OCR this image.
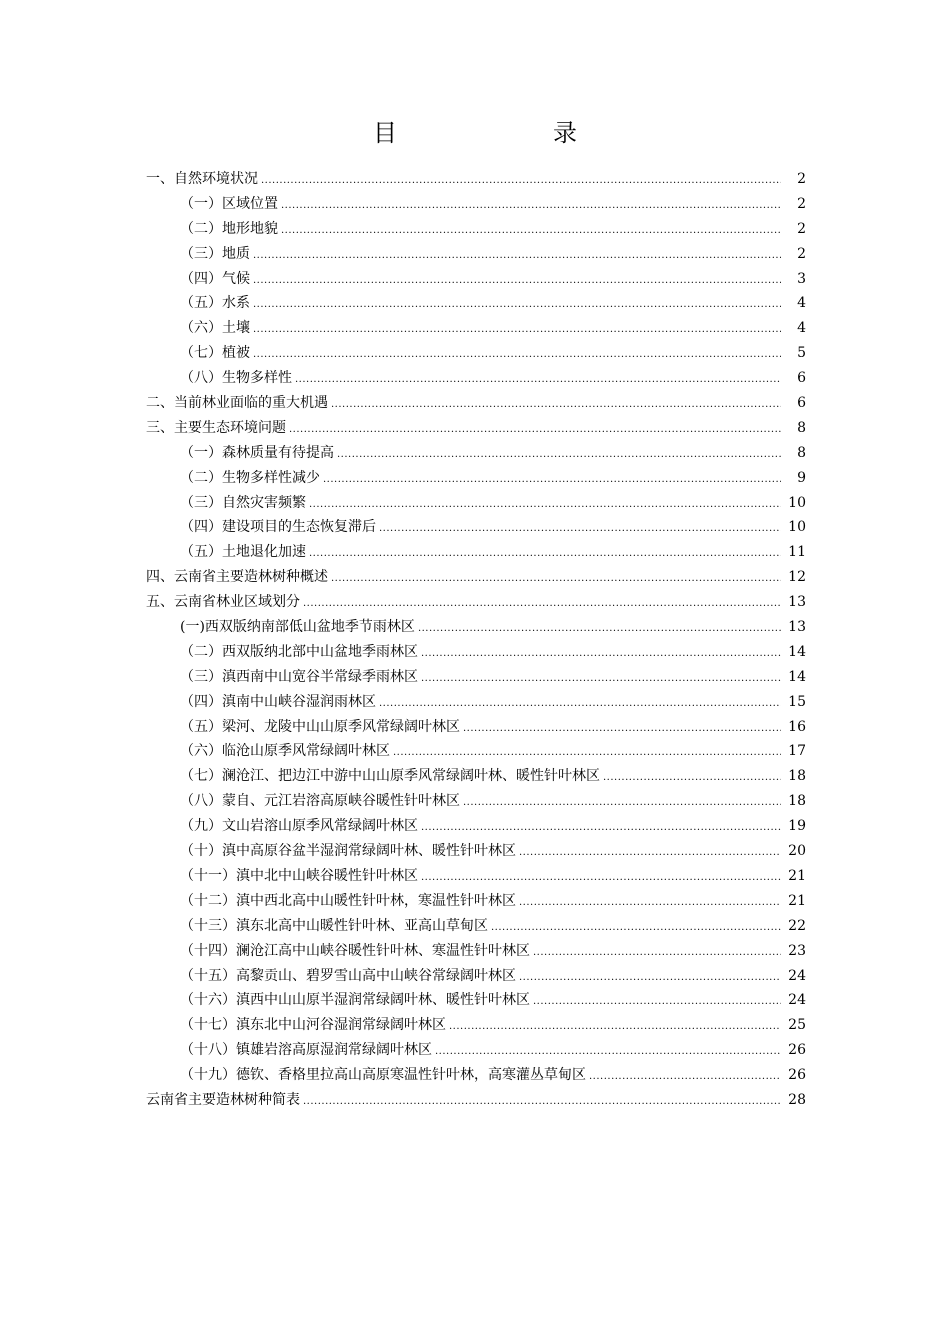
目　　录
一、自然环境状况 .....	2
（一）区域位置 .....	2
（二）地形地貌 .....	2
（三）地质 .....	2
（四）气候 .....	3
（五）水系 .....	4
（六）土壤 .....	4
（七）植被 .....	5
（八）生物多样性 .....	6
二、当前林业面临的重大机遇 .....	6
三、主要生态环境问题 .....	8
（一）森林质量有待提高 .....	8
（二）生物多样性减少 .....	9
（三）自然灾害频繁 .....	10
（四）建设项目的生态恢复滞后 .....	10
（五）土地退化加速 .....	11
四、云南省主要造林树种概述 .....	12
五、云南省林业区域划分 .....	13
(一)西双版纳南部低山盆地季节雨林区 .....	13
（二）西双版纳北部中山盆地季雨林区 .....	14
（三）滇西南中山宽谷半常绿季雨林区 .....	14
（四）滇南中山峡谷湿润雨林区 .....	15
（五）梁河、龙陵中山山原季风常绿阔叶林区 .....	16
（六）临沧山原季风常绿阔叶林区 .....	17
（七）澜沧江、把边江中游中山山原季风常绿阔叶林、暖性针叶林区 .....	18
（八）蒙自、元江岩溶高原峡谷暖性针叶林区 .....	18
（九）文山岩溶山原季风常绿阔叶林区 .....	19
（十）滇中高原谷盆半湿润常绿阔叶林、暖性针叶林区 .....	20
（十一）滇中北中山峡谷暖性针叶林区 .....	21
（十二）滇中西北高中山暖性针叶林，寒温性针叶林区 .....	21
（十三）滇东北高中山暖性针叶林、亚高山草甸区 .....	22
（十四）澜沧江高中山峡谷暖性针叶林、寒温性针叶林区 .....	23
（十五）高黎贡山、碧罗雪山高中山峡谷常绿阔叶林区 .....	24
（十六）滇西中山山原半湿润常绿阔叶林、暖性针叶林区 .....	24
（十七）滇东北中山河谷湿润常绿阔叶林区 .....	25
（十八）镇雄岩溶高原湿润常绿阔叶林区 .....	26
（十九）德钦、香格里拉高山高原寒温性针叶林，高寒灌丛草甸区 .....	26
云南省主要造林树种简表 .....	28
